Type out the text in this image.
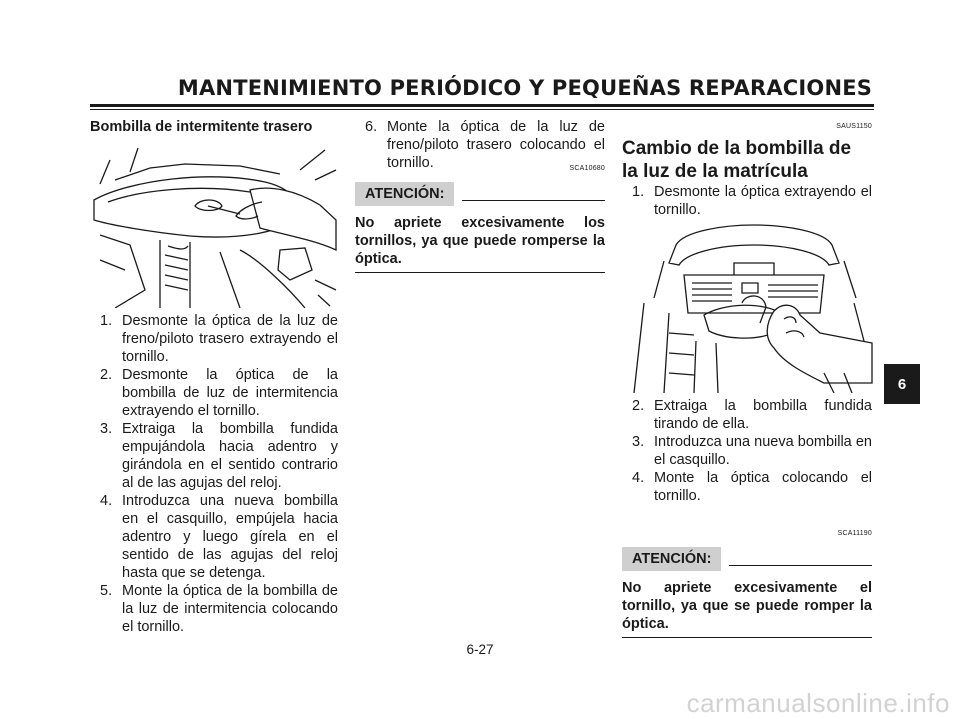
MANTENIMIENTO PERIÓDICO Y PEQUEÑAS REPARACIONES
Bombilla de intermitente trasero
1. Desmonte la óptica de la luz de freno/piloto trasero extrayendo el tornillo.
2. Desmonte la óptica de la bombilla de luz de intermitencia extrayendo el tornillo.
3. Extraiga la bombilla fundida empujándola hacia adentro y girándola en el sentido contrario al de las agujas del reloj.
4. Introduzca una nueva bombilla en el casquillo, empújela hacia adentro y luego gírela en el sentido de las agujas del reloj hasta que se detenga.
5. Monte la óptica de la bombilla de la luz de intermitencia colocando el tornillo.
6. Monte la óptica de la luz de freno/piloto trasero colocando el tornillo.	SCA10680
ATENCIÓN:
No apriete excesivamente los tornillos, ya que puede romperse la óptica.
SAUS1150
Cambio de la bombilla de la luz de la matrícula
1. Desmonte la óptica extrayendo el tornillo.
2. Extraiga la bombilla fundida tirando de ella.
3. Introduzca una nueva bombilla en el casquillo.
4. Monte la óptica colocando el tornillo.
SCA11190
ATENCIÓN:
No apriete excesivamente el tornillo, ya que se puede romper la óptica.
6-27
6
carmanualsonline.info
